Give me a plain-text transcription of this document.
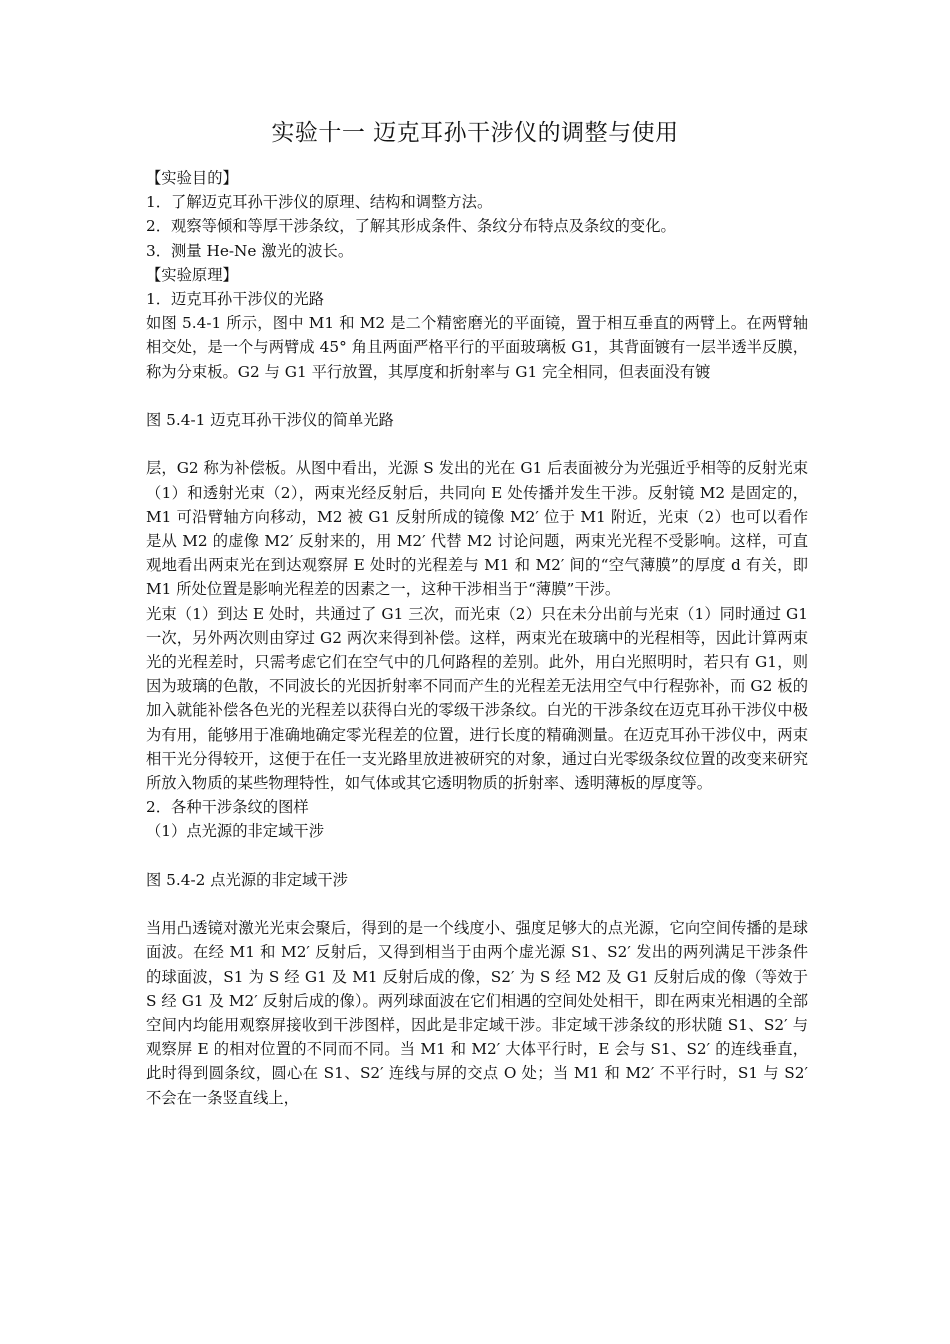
实验十一 迈克耳孙干涉仪的调整与使用

【实验目的】

1．了解迈克耳孙干涉仪的原理、结构和调整方法。

2．观察等倾和等厚干涉条纹，了解其形成条件、条纹分布特点及条纹的变化。

3．测量 He-Ne 激光的波长。

【实验原理】

1．迈克耳孙干涉仪的光路

如图 5.4-1 所示，图中 M1 和 M2 是二个精密磨光的平面镜，置于相互垂直的两臂上。在两臂轴相交处，是一个与两臂成 45° 角且两面严格平行的平面玻璃板 G1，其背面镀有一层半透半反膜，称为分束板。G2 与 G1 平行放置，其厚度和折射率与 G1 完全相同，但表面没有镀

图 5.4-1 迈克耳孙干涉仪的简单光路

层，G2 称为补偿板。从图中看出，光源 S 发出的光在 G1 后表面被分为光强近乎相等的反射光束（1）和透射光束（2），两束光经反射后，共同向 E 处传播并发生干涉。反射镜 M2 是固定的，M1 可沿臂轴方向移动，M2 被 G1 反射所成的镜像 M2′ 位于 M1 附近，光束（2）也可以看作是从 M2 的虚像 M2′ 反射来的，用 M2′ 代替 M2 讨论问题，两束光光程不受影响。这样，可直观地看出两束光在到达观察屏 E 处时的光程差与 M1 和 M2′ 间的“空气薄膜”的厚度 d 有关，即 M1 所处位置是影响光程差的因素之一，这种干涉相当于“薄膜”干涉。

光束（1）到达 E 处时，共通过了 G1 三次，而光束（2）只在未分出前与光束（1）同时通过 G1 一次，另外两次则由穿过 G2 两次来得到补偿。这样，两束光在玻璃中的光程相等，因此计算两束光的光程差时，只需考虑它们在空气中的几何路程的差别。此外，用白光照明时，若只有 G1，则因为玻璃的色散，不同波长的光因折射率不同而产生的光程差无法用空气中行程弥补，而 G2 板的加入就能补偿各色光的光程差以获得白光的零级干涉条纹。白光的干涉条纹在迈克耳孙干涉仪中极为有用，能够用于准确地确定零光程差的位置，进行长度的精确测量。在迈克耳孙干涉仪中，两束相干光分得较开，这便于在任一支光路里放进被研究的对象，通过白光零级条纹位置的改变来研究所放入物质的某些物理特性，如气体或其它透明物质的折射率、透明薄板的厚度等。

2．各种干涉条纹的图样

（1）点光源的非定域干涉

图 5.4-2 点光源的非定域干涉

当用凸透镜对激光光束会聚后，得到的是一个线度小、强度足够大的点光源，它向空间传播的是球面波。在经 M1 和 M2′ 反射后，又得到相当于由两个虚光源 S1、S2′ 发出的两列满足干涉条件的球面波，S1 为 S 经 G1 及 M1 反射后成的像，S2′ 为 S 经 M2 及 G1 反射后成的像（等效于 S 经 G1 及 M2′ 反射后成的像）。两列球面波在它们相遇的空间处处相干，即在两束光相遇的全部空间内均能用观察屏接收到干涉图样，因此是非定域干涉。非定域干涉条纹的形状随 S1、S2′ 与观察屏 E 的相对位置的不同而不同。当 M1 和 M2′ 大体平行时，E 会与 S1、S2′ 的连线垂直，此时得到圆条纹，圆心在 S1、S2′ 连线与屏的交点 O 处；当 M1 和 M2′ 不平行时，S1 与 S2′ 不会在一条竖直线上，
